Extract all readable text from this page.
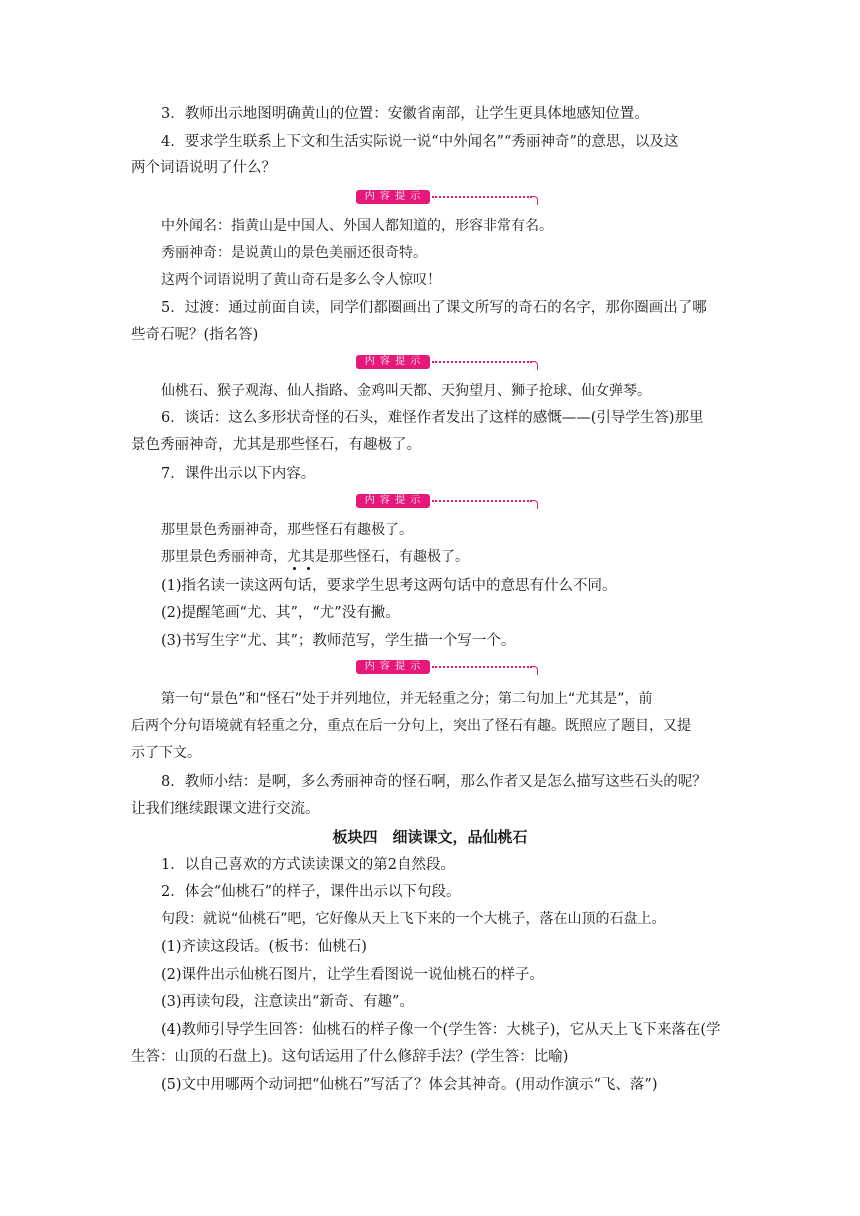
3．教师出示地图明确黄山的位置：安徽省南部，让学生更具体地感知位置。
4．要求学生联系上下文和生活实际说一说“中外闻名”“秀丽神奇”的意思，以及这
两个词语说明了什么？
内 容 提 示
中外闻名：指黄山是中国人、外国人都知道的，形容非常有名。
秀丽神奇：是说黄山的景色美丽还很奇特。
这两个词语说明了黄山奇石是多么令人惊叹！
5．过渡：通过前面自读，同学们都圈画出了课文所写的奇石的名字，那你圈画出了哪
些奇石呢？(指名答)
内 容 提 示
仙桃石、猴子观海、仙人指路、金鸡叫天都、天狗望月、狮子抢球、仙女弹琴。
6．谈话：这么多形状奇怪的石头，难怪作者发出了这样的感慨——(引导学生答)那里
景色秀丽神奇，尤其是那些怪石，有趣极了。
7．课件出示以下内容。
内 容 提 示
那里景色秀丽神奇，那些怪石有趣极了。
那里景色秀丽神奇，尤其是那些怪石，有趣极了。
(1)指名读一读这两句话，要求学生思考这两句话中的意思有什么不同。
(2)提醒笔画“尤、其”，“尤”没有撇。
(3)书写生字“尤、其”；教师范写，学生描一个写一个。
内 容 提 示
第一句“景色”和“怪石”处于并列地位，并无轻重之分；第二句加上“尤其是”，前
后两个分句语境就有轻重之分，重点在后一分句上，突出了怪石有趣。既照应了题目，又提
示了下文。
8．教师小结：是啊，多么秀丽神奇的怪石啊，那么作者又是怎么描写这些石头的呢？
让我们继续跟课文进行交流。
板块四　细读课文，品仙桃石
1．以自己喜欢的方式读读课文的第2自然段。
2．体会“仙桃石”的样子，课件出示以下句段。
句段：就说“仙桃石”吧，它好像从天上飞下来的一个大桃子，落在山顶的石盘上。
(1)齐读这段话。(板书：仙桃石)
(2)课件出示仙桃石图片，让学生看图说一说仙桃石的样子。
(3)再读句段，注意读出“新奇、有趣”。
(4)教师引导学生回答：仙桃石的样子像一个(学生答：大桃子)，它从天上飞下来落在(学
生答：山顶的石盘上)。这句话运用了什么修辞手法？(学生答：比喻)
(5)文中用哪两个动词把“仙桃石”写活了？体会其神奇。(用动作演示“飞、落”)
